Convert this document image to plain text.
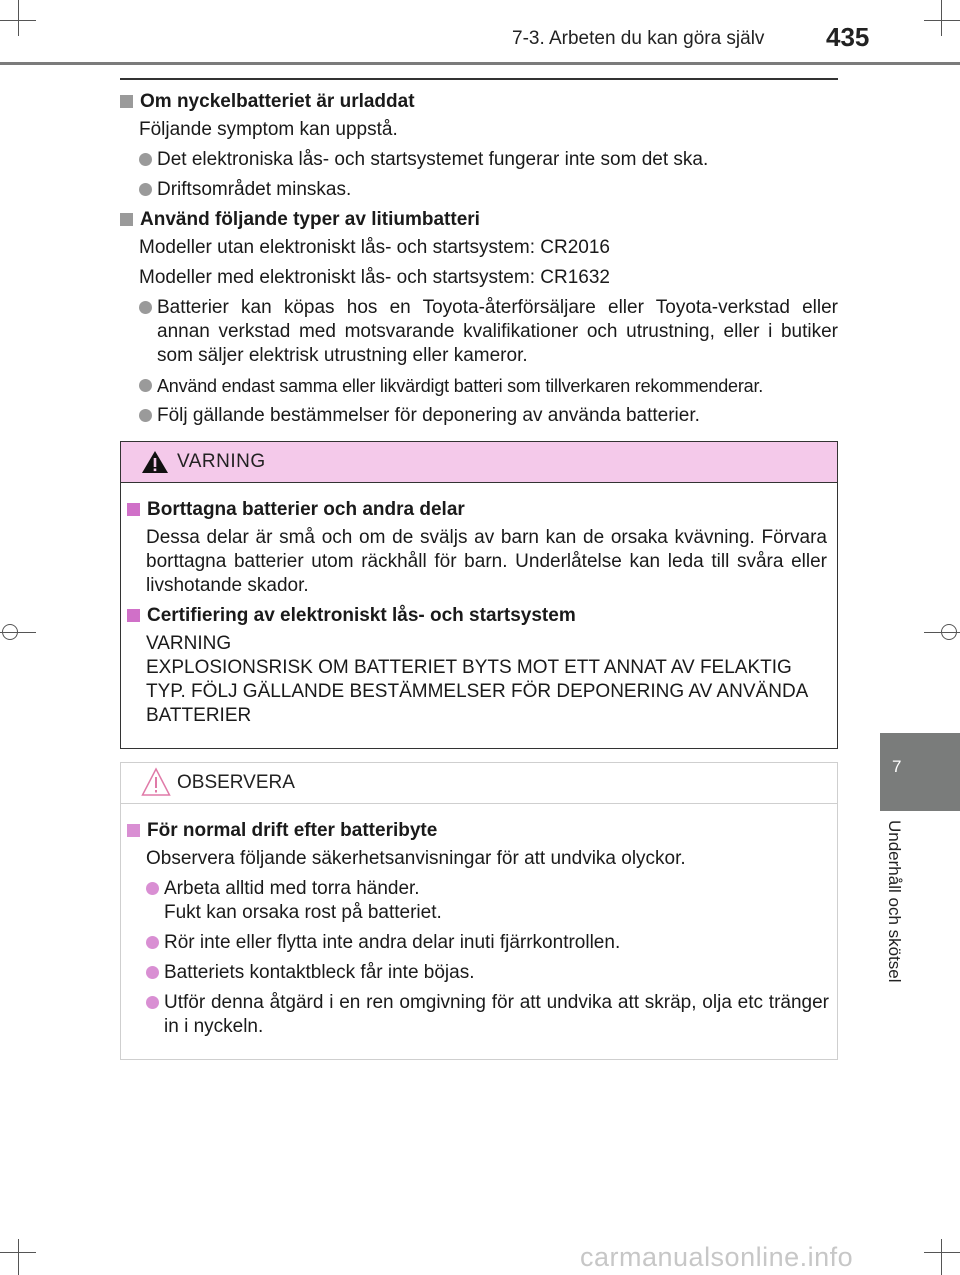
7-3. Arbeten du kan göra själv 435
7
Underhåll och skötsel

Om nyckelbatteriet är urladdat

Följande symptom kan uppstå.

Det elektroniska lås- och startsystemet fungerar inte som det ska.

Driftsområdet minskas.

Använd följande typer av litiumbatteri

Modeller utan elektroniskt lås- och startsystem: CR2016

Modeller med elektroniskt lås- och startsystem: CR1632

Batterier kan köpas hos en Toyota-återförsäljare eller Toyota-verkstad eller annan verkstad med motsvarande kvalifikationer och utrustning, eller i butiker som säljer elektrisk utrustning eller kameror.

Använd endast samma eller likvärdigt batteri som tillverkaren rekommenderar.

Följ gällande bestämmelser för deponering av använda batterier.

VARNING

Borttagna batterier och andra delar

Dessa delar är små och om de sväljs av barn kan de orsaka kvävning. Förvara borttagna batterier utom räckhåll för barn. Underlåtelse kan leda till svåra eller livshotande skador.

Certifiering av elektroniskt lås- och startsystem

VARNING

EXPLOSIONSRISK OM BATTERIET BYTS MOT ETT ANNAT AV FELAKTIG TYP. FÖLJ GÄLLANDE BESTÄMMELSER FÖR DEPONERING AV ANVÄNDA BATTERIER

OBSERVERA

För normal drift efter batteribyte

Observera följande säkerhetsanvisningar för att undvika olyckor.

Arbeta alltid med torra händer.
Fukt kan orsaka rost på batteriet.

Rör inte eller flytta inte andra delar inuti fjärrkontrollen.

Batteriets kontaktbleck får inte böjas.

Utför denna åtgärd i en ren omgivning för att undvika att skräp, olja etc tränger in i nyckeln.

carmanualsonline.info
